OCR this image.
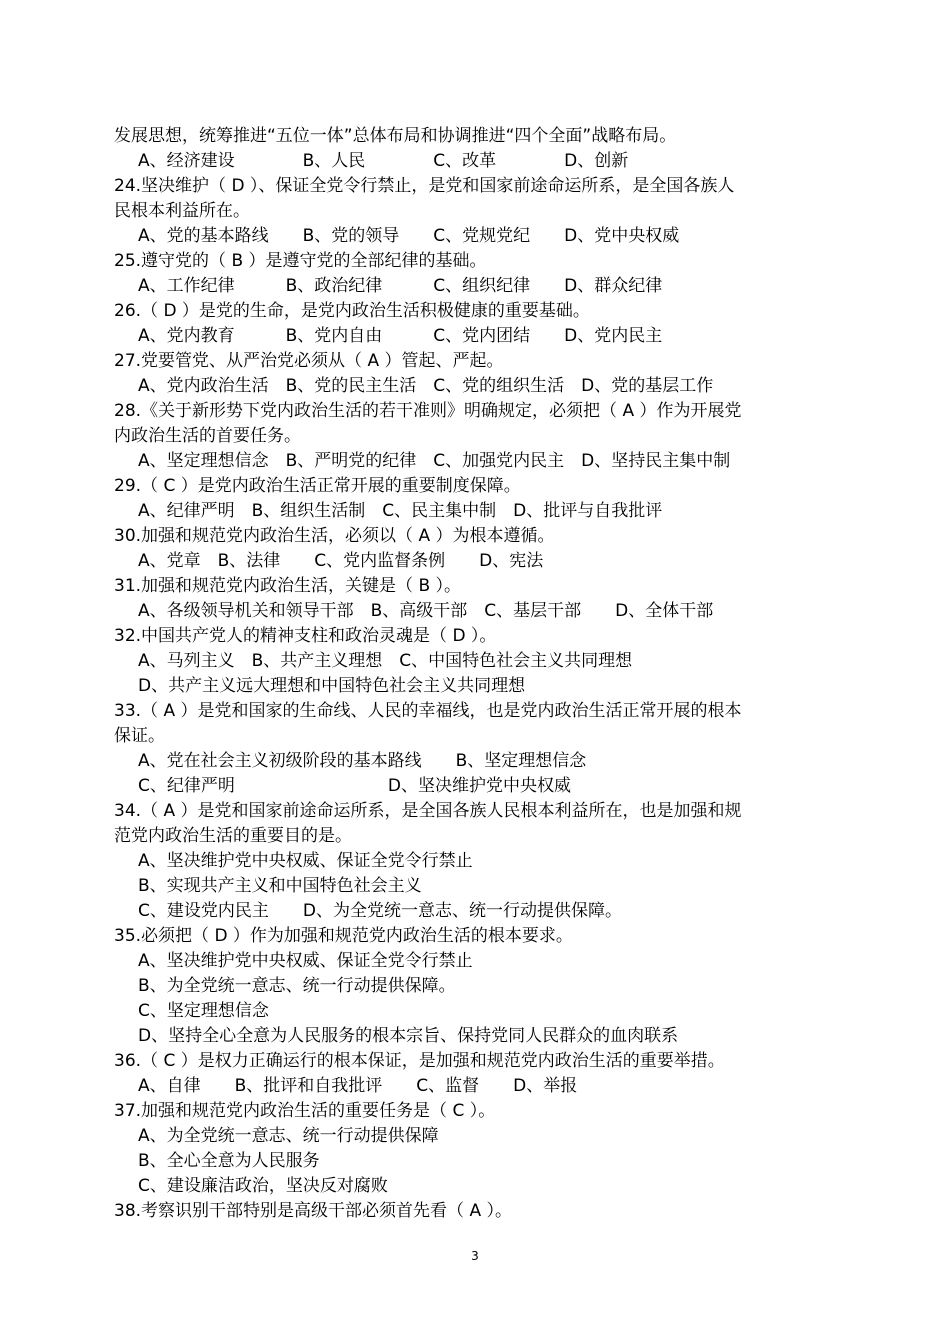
发展思想，统筹推进“五位一体”总体布局和协调推进“四个全面”战略布局。
A、经济建设　　　　B、人民　　　　C、改革　　　　D、创新
24.坚决维护（ D ）、保证全党令行禁止，是党和国家前途命运所系，是全国各族人
民根本利益所在。
A、党的基本路线　　B、党的领导　　C、党规党纪　　D、党中央权威
25.遵守党的（ B ）是遵守党的全部纪律的基础。
A、工作纪律　　　B、政治纪律　　　C、组织纪律　　D、群众纪律
26.（ D ）是党的生命，是党内政治生活积极健康的重要基础。
A、党内教育　　　B、党内自由　　　C、党内团结　　D、党内民主
27.党要管党、从严治党必须从（ A ）管起、严起。
A、党内政治生活　B、党的民主生活　C、党的组织生活　D、党的基层工作
28.《关于新形势下党内政治生活的若干准则》明确规定，必须把（ A ）作为开展党
内政治生活的首要任务。
A、坚定理想信念　B、严明党的纪律　C、加强党内民主　D、坚持民主集中制
29.（ C ）是党内政治生活正常开展的重要制度保障。
A、纪律严明　B、组织生活制　C、民主集中制　D、批评与自我批评
30.加强和规范党内政治生活，必须以（ A ）为根本遵循。
A、党章　B、法律　　C、党内监督条例　　D、宪法
31.加强和规范党内政治生活，关键是（ B ）。
A、各级领导机关和领导干部　B、高级干部　C、基层干部　　D、全体干部
32.中国共产党人的精神支柱和政治灵魂是（ D ）。
A、马列主义　B、共产主义理想　C、中国特色社会主义共同理想
D、共产主义远大理想和中国特色社会主义共同理想
33.（ A ）是党和国家的生命线、人民的幸福线，也是党内政治生活正常开展的根本
保证。
A、党在社会主义初级阶段的基本路线　　B、坚定理想信念
C、纪律严明　　　　　　　　　D、坚决维护党中央权威
34.（ A ）是党和国家前途命运所系，是全国各族人民根本利益所在，也是加强和规
范党内政治生活的重要目的是。
A、坚决维护党中央权威、保证全党令行禁止
B、实现共产主义和中国特色社会主义
C、建设党内民主　　D、为全党统一意志、统一行动提供保障。
35.必须把（ D ）作为加强和规范党内政治生活的根本要求。
A、坚决维护党中央权威、保证全党令行禁止
B、为全党统一意志、统一行动提供保障。
C、坚定理想信念
D、坚持全心全意为人民服务的根本宗旨、保持党同人民群众的血肉联系
36.（ C ）是权力正确运行的根本保证，是加强和规范党内政治生活的重要举措。
A、自律　　B、批评和自我批评　　C、监督　　D、举报
37.加强和规范党内政治生活的重要任务是（ C ）。
A、为全党统一意志、统一行动提供保障
B、全心全意为人民服务
C、建设廉洁政治，坚决反对腐败
38.考察识别干部特别是高级干部必须首先看（ A ）。
3
